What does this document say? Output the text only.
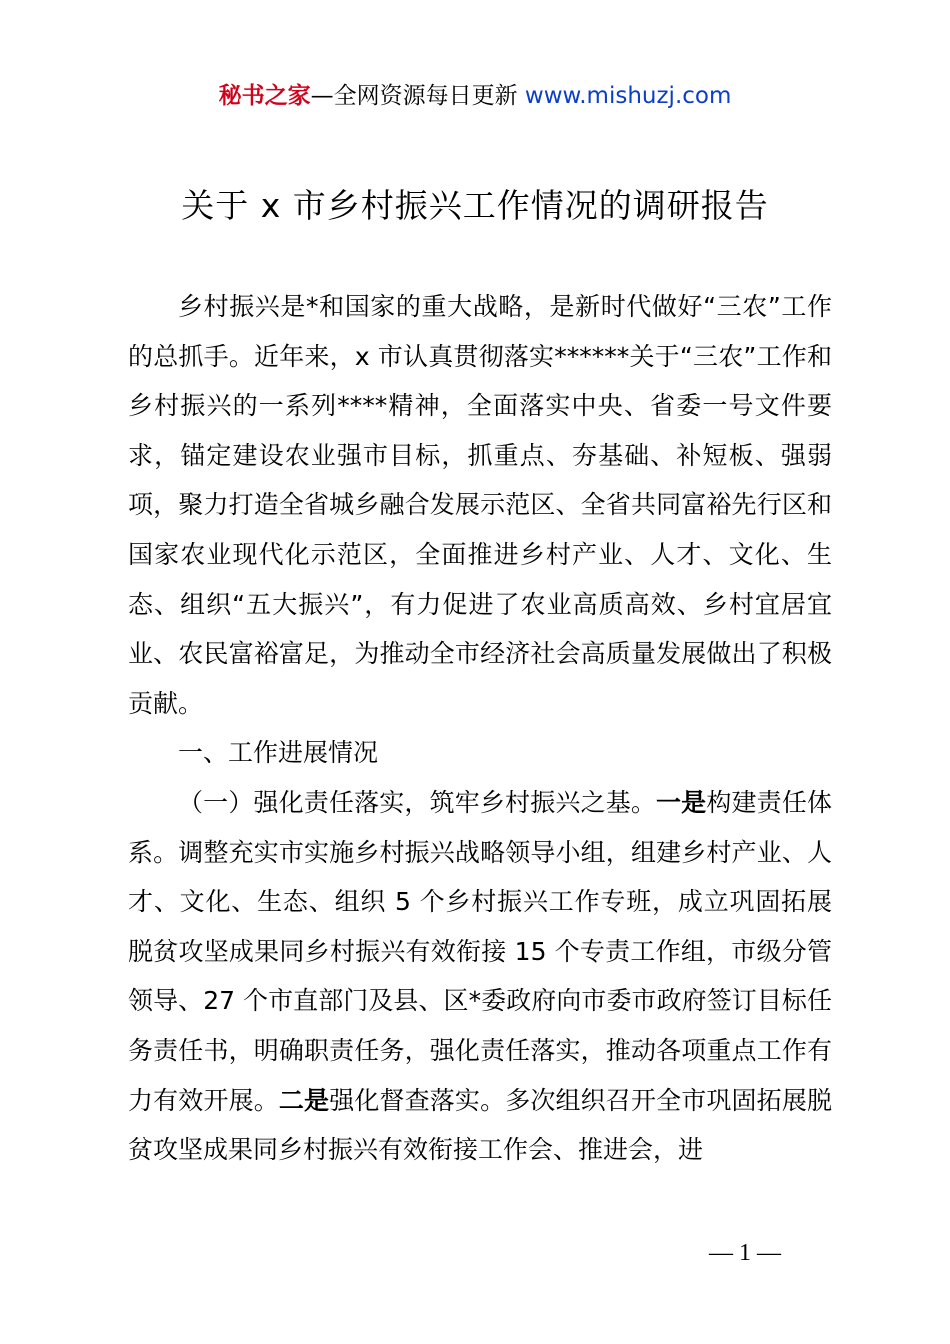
秘书之家—全网资源每日更新 www.mishuzj.com
关于 x 市乡村振兴工作情况的调研报告

乡村振兴是*和国家的重大战略，是新时代做好“三农”工作的总抓手。近年来，x 市认真贯彻落实******关于“三农”工作和乡村振兴的一系列****精神，全面落实中央、省委一号文件要求，锚定建设农业强市目标，抓重点、夯基础、补短板、强弱项，聚力打造全省城乡融合发展示范区、全省共同富裕先行区和国家农业现代化示范区，全面推进乡村产业、人才、文化、生态、组织“五大振兴”，有力促进了农业高质高效、乡村宜居宜业、农民富裕富足，为推动全市经济社会高质量发展做出了积极贡献。

一、工作进展情况

（一）强化责任落实，筑牢乡村振兴之基。一是构建责任体系。调整充实市实施乡村振兴战略领导小组，组建乡村产业、人才、文化、生态、组织 5 个乡村振兴工作专班，成立巩固拓展脱贫攻坚成果同乡村振兴有效衔接 15 个专责工作组，市级分管领导、27 个市直部门及县、区*委政府向市委市政府签订目标任务责任书，明确职责任务，强化责任落实，推动各项重点工作有力有效开展。二是强化督查落实。多次组织召开全市巩固拓展脱贫攻坚成果同乡村振兴有效衔接工作会、推进会，进

— 1 —
